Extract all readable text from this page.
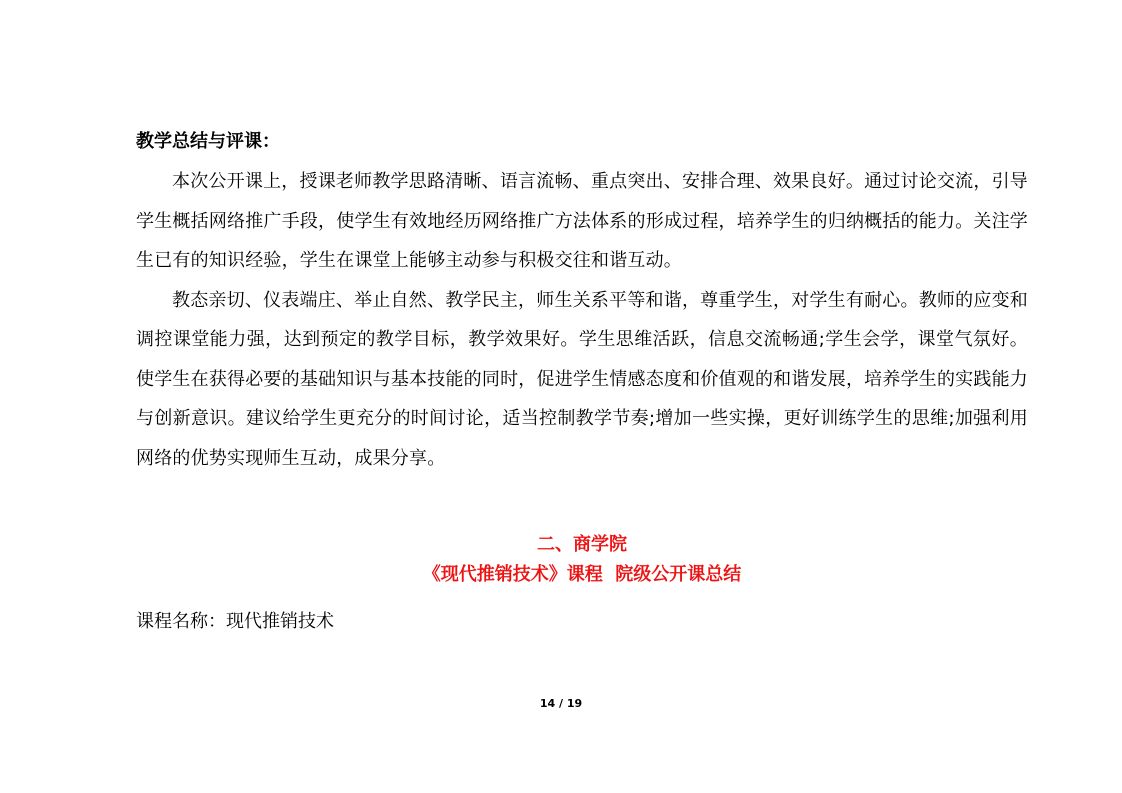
教学总结与评课：

本次公开课上，授课老师教学思路清晰、语言流畅、重点突出、安排合理、效果良好。通过讨论交流，引导学生概括网络推广手段，使学生有效地经历网络推广方法体系的形成过程，培养学生的归纳概括的能力。关注学生已有的知识经验，学生在课堂上能够主动参与积极交往和谐互动。

教态亲切、仪表端庄、举止自然、教学民主，师生关系平等和谐，尊重学生，对学生有耐心。教师的应变和调控课堂能力强，达到预定的教学目标，教学效果好。学生思维活跃，信息交流畅通;学生会学，课堂气氛好。使学生在获得必要的基础知识与基本技能的同时，促进学生情感态度和价值观的和谐发展，培养学生的实践能力与创新意识。建议给学生更充分的时间讨论，适当控制教学节奏;增加一些实操，更好训练学生的思维;加强利用网络的优势实现师生互动，成果分享。

二、商学院

《现代推销技术》课程  院级公开课总结

课程名称：现代推销技术

14 / 19
